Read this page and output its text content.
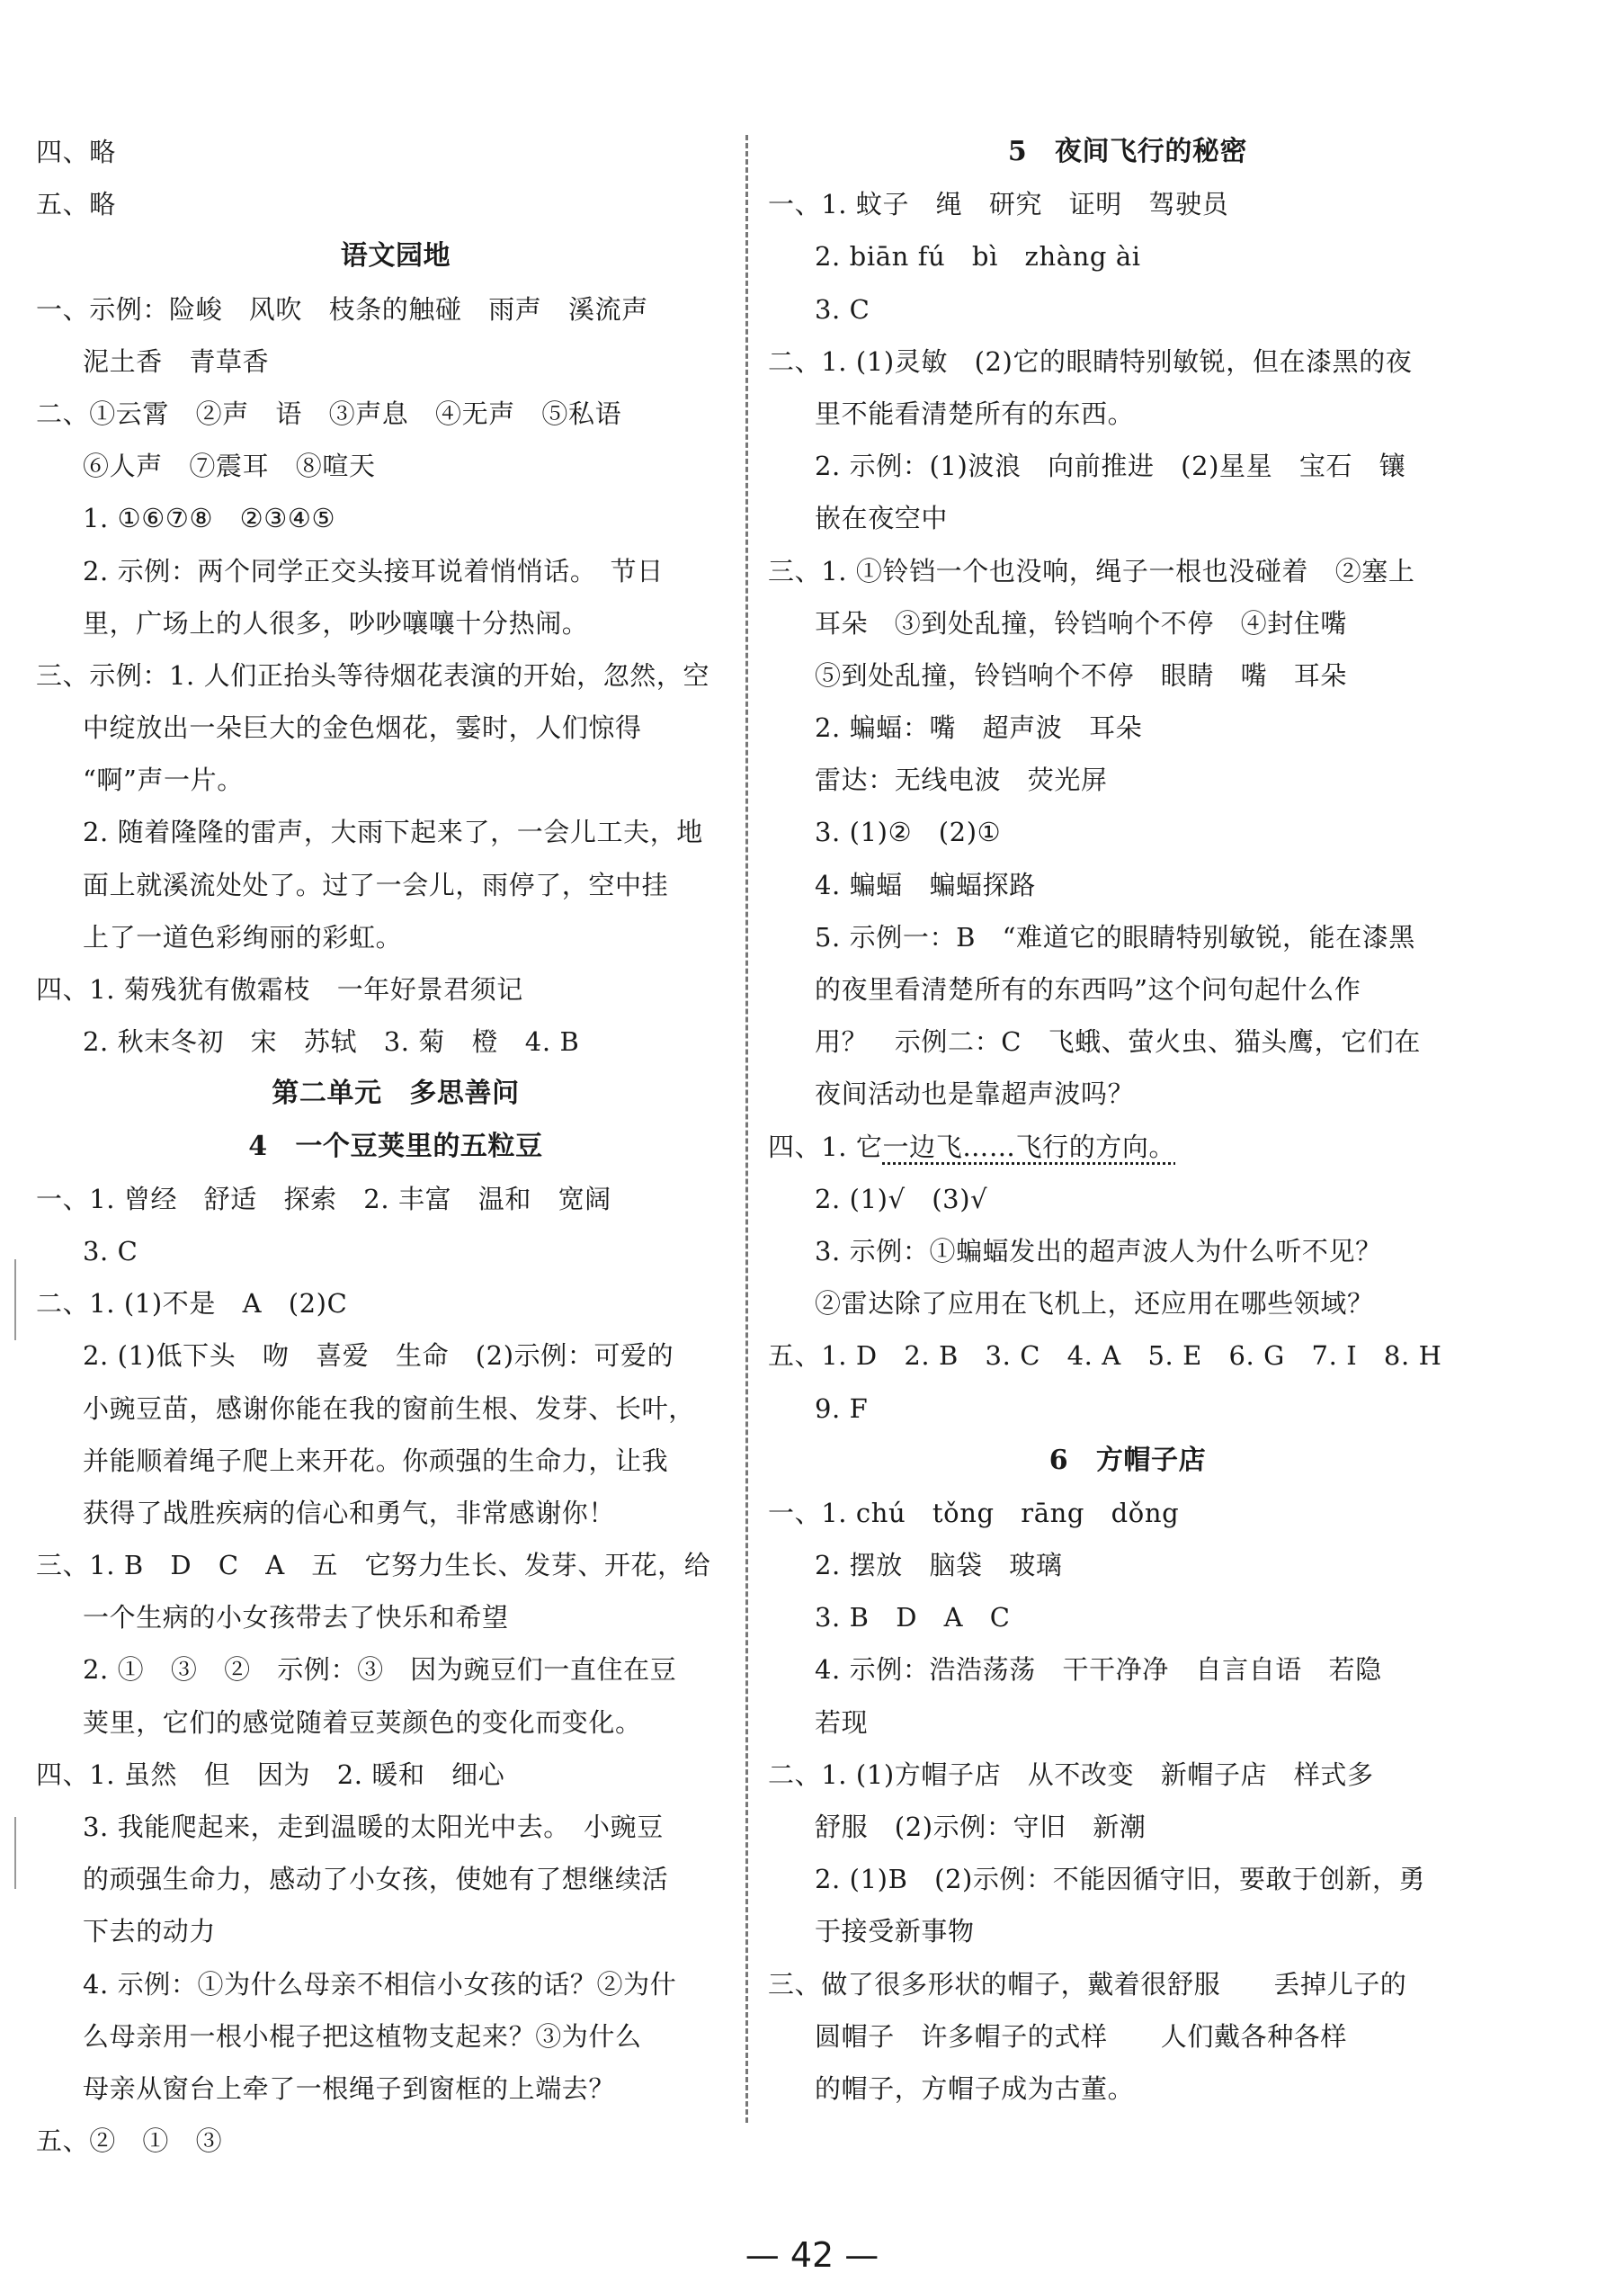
四、略
五、略
语文园地
一、示例：险峻　风吹　枝条的触碰　雨声　溪流声
泥土香　青草香
二、①云霄　②声　语　③声息　④无声　⑤私语
⑥人声　⑦震耳　⑧喧天
1. ①⑥⑦⑧　②③④⑤
2. 示例：两个同学正交头接耳说着悄悄话。　节日
里，广场上的人很多，吵吵嚷嚷十分热闹。
三、示例：1. 人们正抬头等待烟花表演的开始，忽然，空
中绽放出一朵巨大的金色烟花，霎时，人们惊得
“啊”声一片。
2. 随着隆隆的雷声，大雨下起来了，一会儿工夫，地
面上就溪流处处了。过了一会儿，雨停了，空中挂
上了一道色彩绚丽的彩虹。
四、1. 菊残犹有傲霜枝　一年好景君须记
2. 秋末冬初　宋　苏轼　3. 菊　橙　4. B
第二单元　多思善问
4　一个豆荚里的五粒豆
一、1. 曾经　舒适　探索　2. 丰富　温和　宽阔
3. C
二、1. (1)不是　A　(2)C
2. (1)低下头　吻　喜爱　生命　(2)示例：可爱的
小豌豆苗，感谢你能在我的窗前生根、发芽、长叶，
并能顺着绳子爬上来开花。你顽强的生命力，让我
获得了战胜疾病的信心和勇气，非常感谢你！
三、1. B　D　C　A　五　它努力生长、发芽、开花，给
一个生病的小女孩带去了快乐和希望
2. ①　③　②　示例：③　因为豌豆们一直住在豆
荚里，它们的感觉随着豆荚颜色的变化而变化。
四、1. 虽然　但　因为　2. 暖和　细心
3. 我能爬起来，走到温暖的太阳光中去。　小豌豆
的顽强生命力，感动了小女孩，使她有了想继续活
下去的动力
4. 示例：①为什么母亲不相信小女孩的话？②为什
么母亲用一根小棍子把这植物支起来？③为什么
母亲从窗台上牵了一根绳子到窗框的上端去？
五、②　①　③
5　夜间飞行的秘密
一、1. 蚊子　绳　研究　证明　驾驶员
2. biān fú　bì　zhàng ài
3. C
二、1. (1)灵敏　(2)它的眼睛特别敏锐，但在漆黑的夜
里不能看清楚所有的东西。
2. 示例：(1)波浪　向前推进　(2)星星　宝石　镶
嵌在夜空中
三、1. ①铃铛一个也没响，绳子一根也没碰着　②塞上
耳朵　③到处乱撞，铃铛响个不停　④封住嘴
⑤到处乱撞，铃铛响个不停　眼睛　嘴　耳朵
2. 蝙蝠：嘴　超声波　耳朵
雷达：无线电波　荧光屏
3. (1)②　(2)①
4. 蝙蝠　蝙蝠探路
5. 示例一：B　“难道它的眼睛特别敏锐，能在漆黑
的夜里看清楚所有的东西吗”这个问句起什么作
用？　示例二：C　飞蛾、萤火虫、猫头鹰，它们在
夜间活动也是靠超声波吗？
四、1. 它一边飞……飞行的方向。
2. (1)√　(3)√
3. 示例：①蝙蝠发出的超声波人为什么听不见？
②雷达除了应用在飞机上，还应用在哪些领域？
五、1. D　2. B　3. C　4. A　5. E　6. G　7. I　8. H
9. F
6　方帽子店
一、1. chú　tǒng　rāng　dǒng
2. 摆放　脑袋　玻璃
3. B　D　A　C
4. 示例：浩浩荡荡　干干净净　自言自语　若隐
若现
二、1. (1)方帽子店　从不改变　新帽子店　样式多
舒服　(2)示例：守旧　新潮
2. (1)B　(2)示例：不能因循守旧，要敢于创新，勇
于接受新事物
三、做了很多形状的帽子，戴着很舒服　　丢掉儿子的
圆帽子　许多帽子的式样　　人们戴各种各样
的帽子，方帽子成为古董。
— 42 —
